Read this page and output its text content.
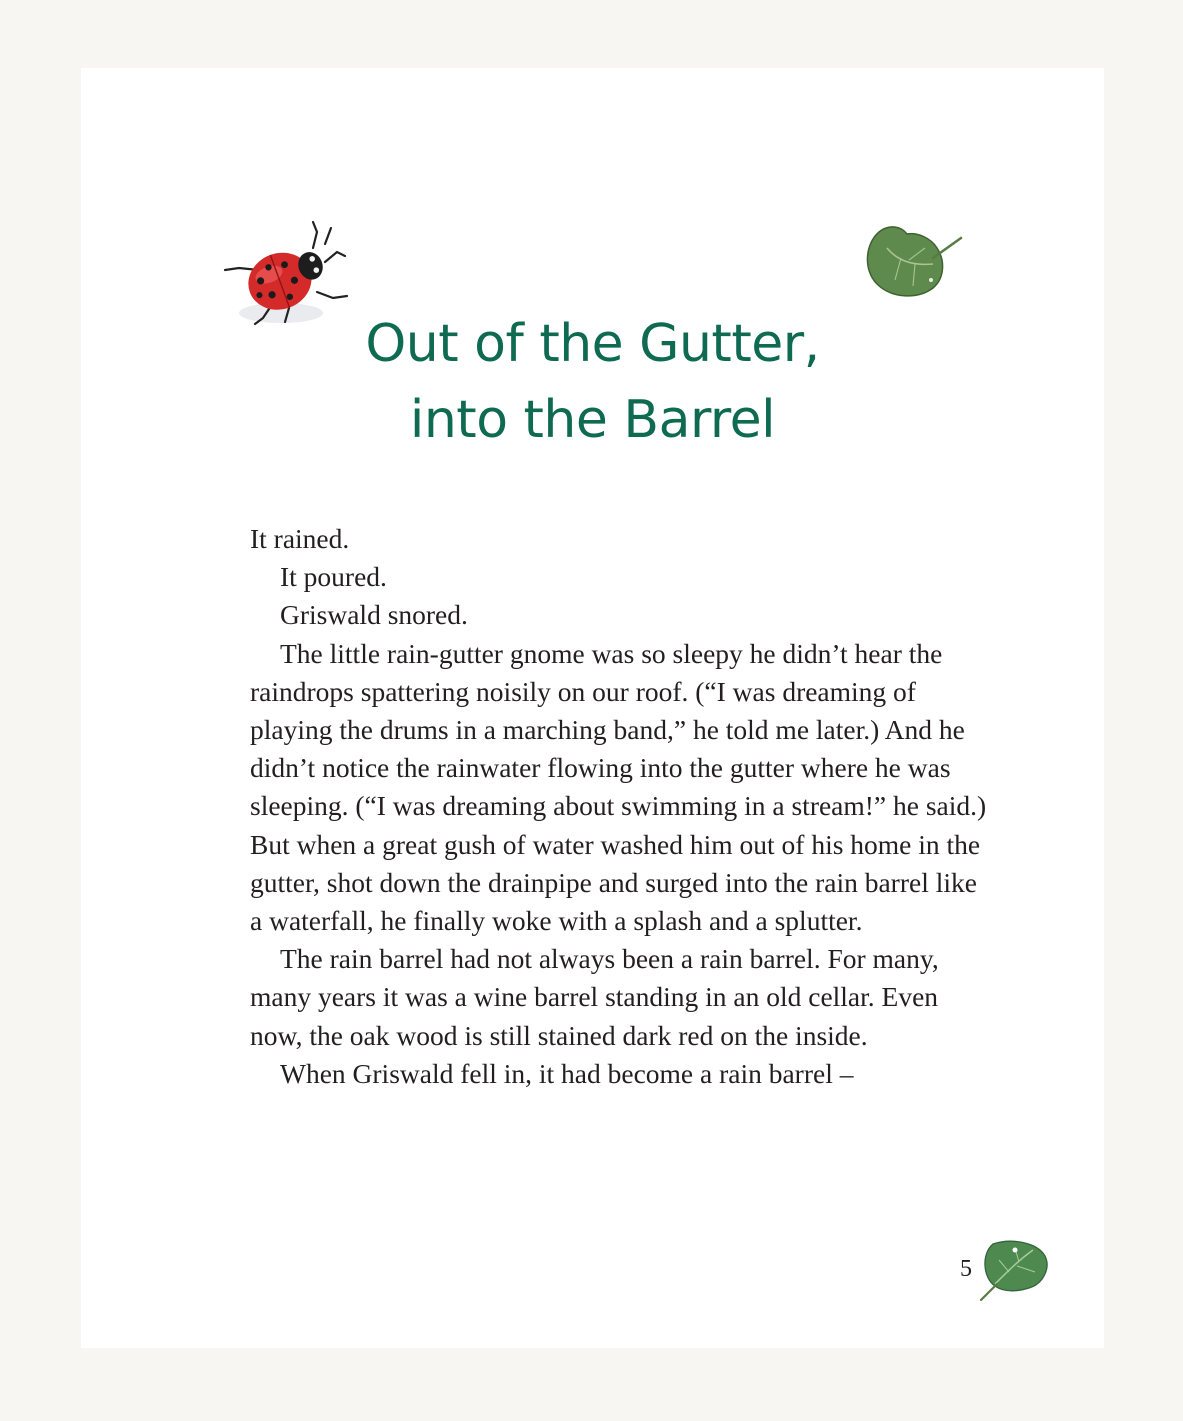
Out of the Gutter,
into the Barrel

It rained.

It poured.

Griswald snored.

The little rain-gutter gnome was so sleepy he didn’t hear the raindrops spattering noisily on our roof. (“I was dreaming of playing the drums in a marching band,” he told me later.) And he didn’t notice the rainwater flowing into the gutter where he was sleeping. (“I was dreaming about swimming in a stream!” he said.) But when a great gush of water washed him out of his home in the gutter, shot down the drainpipe and surged into the rain barrel like a waterfall, he finally woke with a splash and a splutter.

The rain barrel had not always been a rain barrel. For many, many years it was a wine barrel standing in an old cellar. Even now, the oak wood is still stained dark red on the inside.

When Griswald fell in, it had become a rain barrel –

5
